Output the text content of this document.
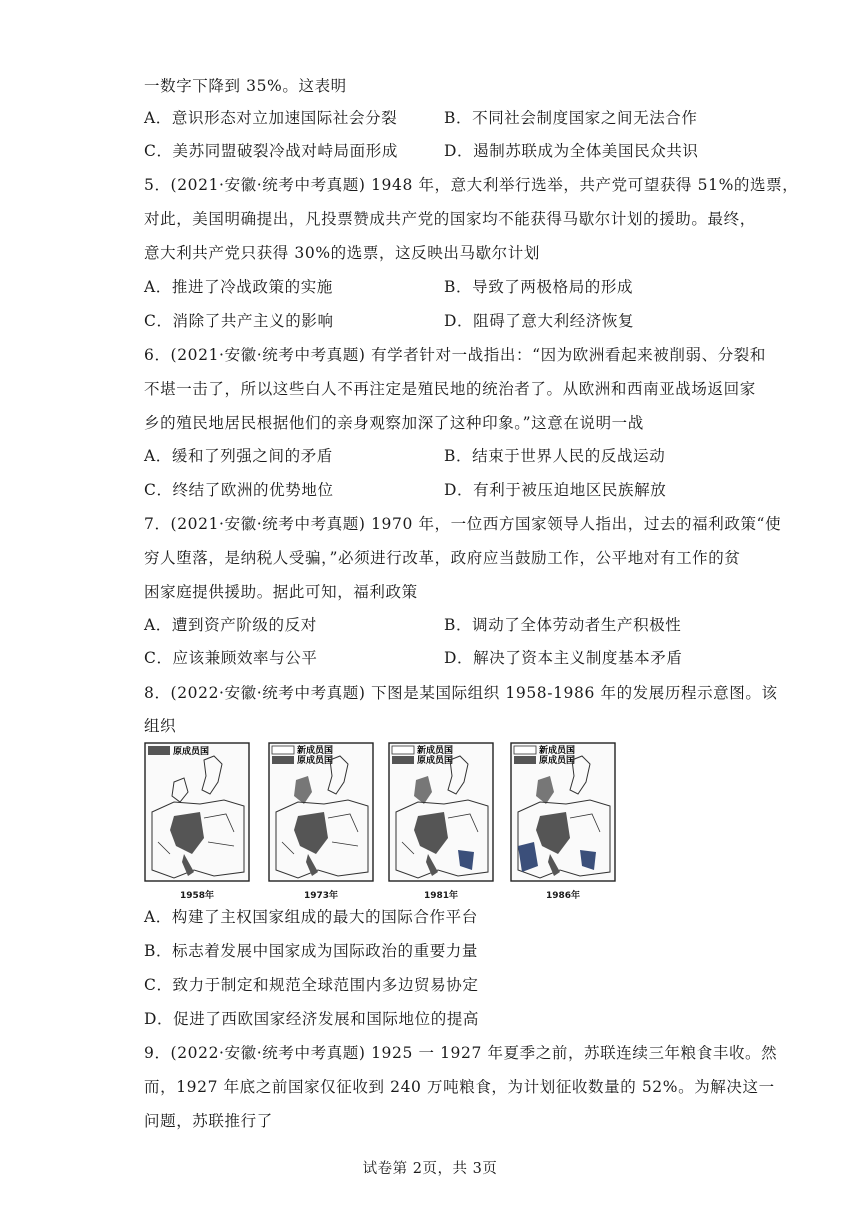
一数字下降到 35%。这表明
A．意识形态对立加速国际社会分裂	B．不同社会制度国家之间无法合作
C．美苏同盟破裂冷战对峙局面形成	D．遏制苏联成为全体美国民众共识
5．(2021·安徽·统考中考真题) 1948 年，意大利举行选举，共产党可望获得 51%的选票，
对此，美国明确提出，凡投票赞成共产党的国家均不能获得马歇尔计划的援助。最终，
意大利共产党只获得 30%的选票，这反映出马歇尔计划
A．推进了冷战政策的实施	B．导致了两极格局的形成
C．消除了共产主义的影响	D．阻碍了意大利经济恢复
6．(2021·安徽·统考中考真题) 有学者针对一战指出：“因为欧洲看起来被削弱、分裂和
不堪一击了，所以这些白人不再注定是殖民地的统治者了。从欧洲和西南亚战场返回家
乡的殖民地居民根据他们的亲身观察加深了这种印象。”这意在说明一战
A．缓和了列强之间的矛盾	B．结束于世界人民的反战运动
C．终结了欧洲的优势地位	D．有利于被压迫地区民族解放
7．(2021·安徽·统考中考真题) 1970 年，一位西方国家领导人指出，过去的福利政策“使
穷人堕落，是纳税人受骗，”必须进行改革，政府应当鼓励工作，公平地对有工作的贫
困家庭提供援助。据此可知，福利政策
A．遭到资产阶级的反对	B．调动了全体劳动者生产积极性
C．应该兼顾效率与公平	D．解决了资本主义制度基本矛盾
8．(2022·安徽·统考中考真题) 下图是某国际组织 1958-1986 年的发展历程示意图。该
组织
原成员国
1958年
新成员国
原成员国
1973年
新成员国
原成员国
1981年
新成员国
原成员国
1986年
A．构建了主权国家组成的最大的国际合作平台
B．标志着发展中国家成为国际政治的重要力量
C．致力于制定和规范全球范围内多边贸易协定
D．促进了西欧国家经济发展和国际地位的提高
9．(2022·安徽·统考中考真题) 1925 一 1927 年夏季之前，苏联连续三年粮食丰收。然
而，1927 年底之前国家仅征收到 240 万吨粮食，为计划征收数量的 52%。为解决这一
问题，苏联推行了
试卷第 2页，共 3页
